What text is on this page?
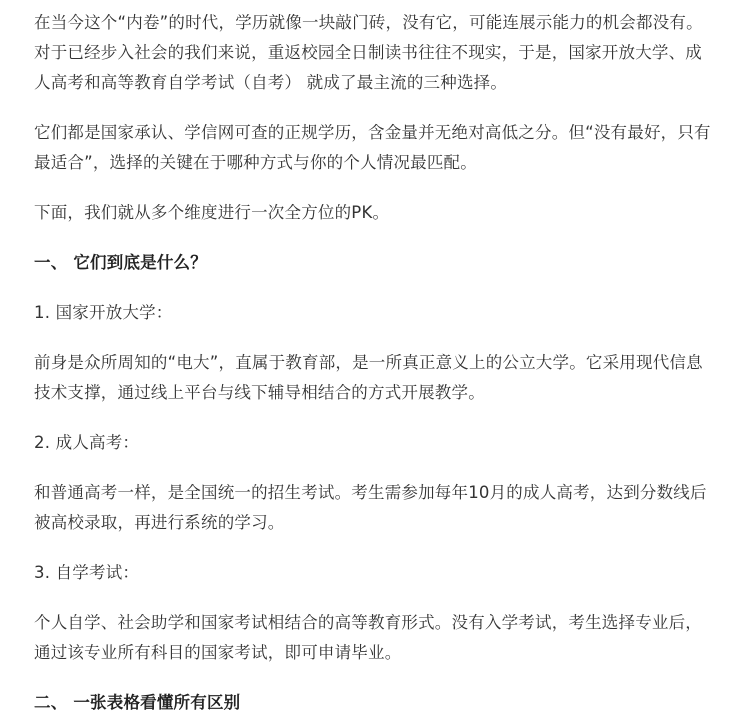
在当今这个“内卷”的时代，学历就像一块敲门砖，没有它，可能连展示能力的机会都没有。对于已经步入社会的我们来说，重返校园全日制读书往往不现实，于是，国家开放大学、成人高考和高等教育自学考试（自考） 就成了最主流的三种选择。

它们都是国家承认、学信网可查的正规学历，含金量并无绝对高低之分。但“没有最好，只有最适合”，选择的关键在于哪种方式与你的个人情况最匹配。

下面，我们就从多个维度进行一次全方位的PK。

一、 它们到底是什么？

1. 国家开放大学：

前身是众所周知的“电大”，直属于教育部，是一所真正意义上的公立大学。它采用现代信息技术支撑，通过线上平台与线下辅导相结合的方式开展教学。

2. 成人高考：

和普通高考一样，是全国统一的招生考试。考生需参加每年10月的成人高考，达到分数线后被高校录取，再进行系统的学习。

3. 自学考试：

个人自学、社会助学和国家考试相结合的高等教育形式。没有入学考试，考生选择专业后，通过该专业所有科目的国家考试，即可申请毕业。

二、 一张表格看懂所有区别
